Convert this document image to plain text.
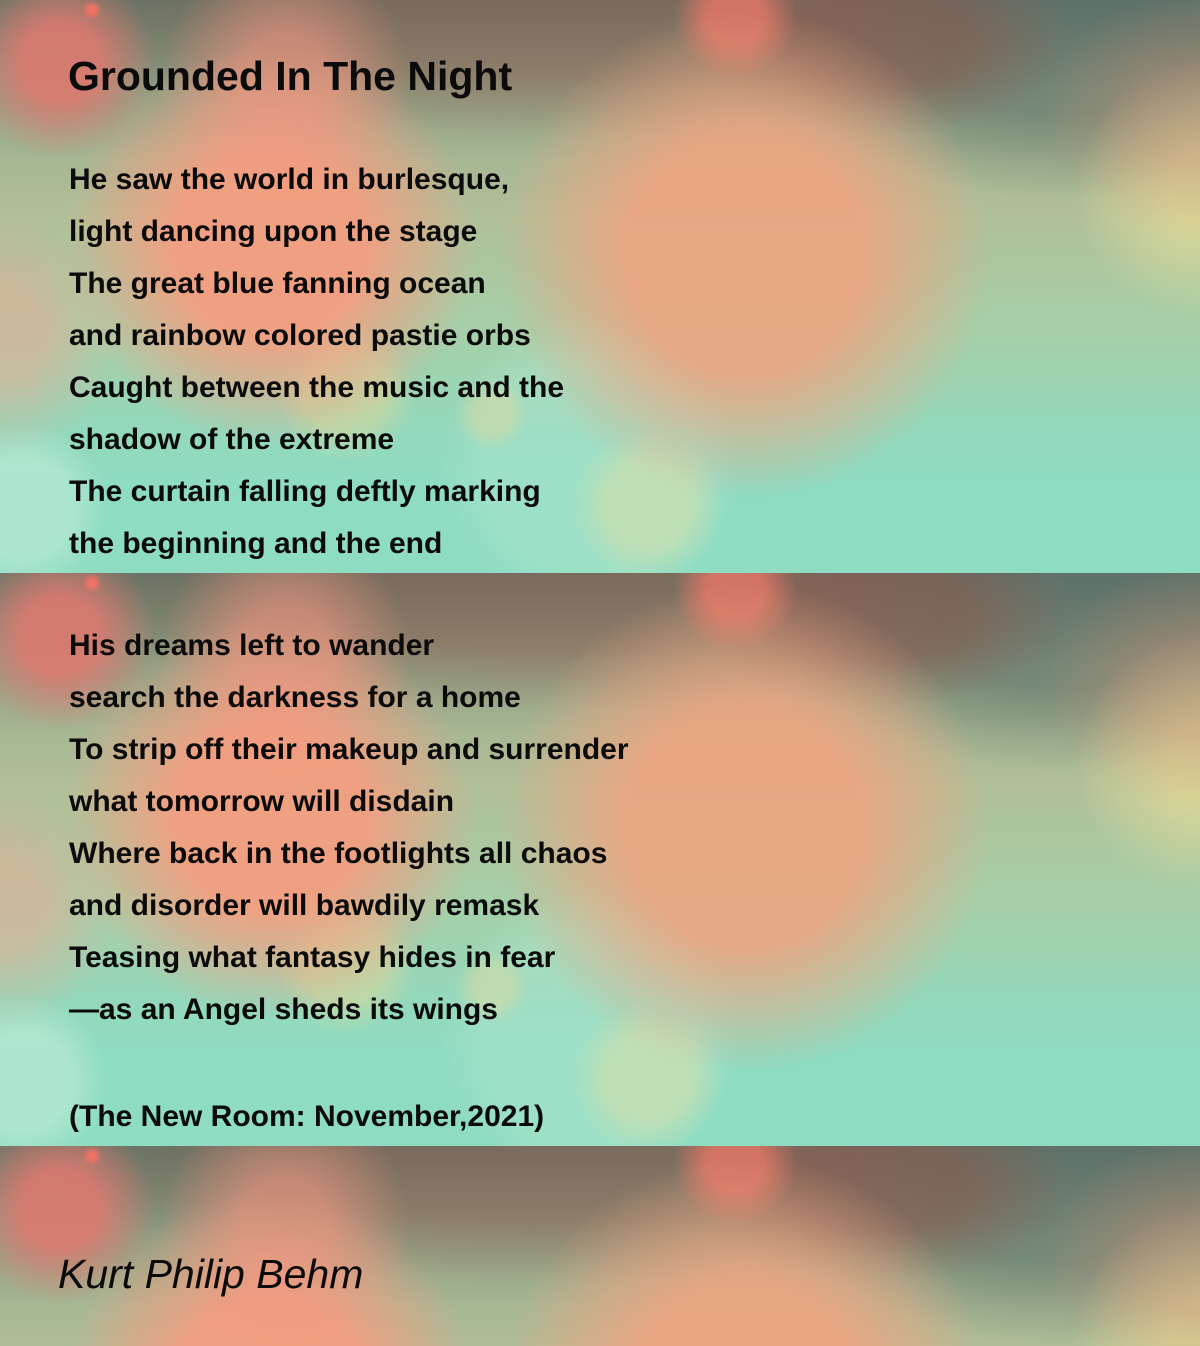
Grounded In The Night
He saw the world in burlesque,
light dancing upon the stage
The great blue fanning ocean
and rainbow colored pastie orbs
Caught between the music and the
shadow of the extreme
The curtain falling deftly marking
the beginning and the end
His dreams left to wander
search the darkness for a home
To strip off their makeup and surrender
what tomorrow will disdain
Where back in the footlights all chaos
and disorder will bawdily remask
Teasing what fantasy hides in fear
—as an Angel sheds its wings
(The New Room: November,2021)
Kurt Philip Behm
